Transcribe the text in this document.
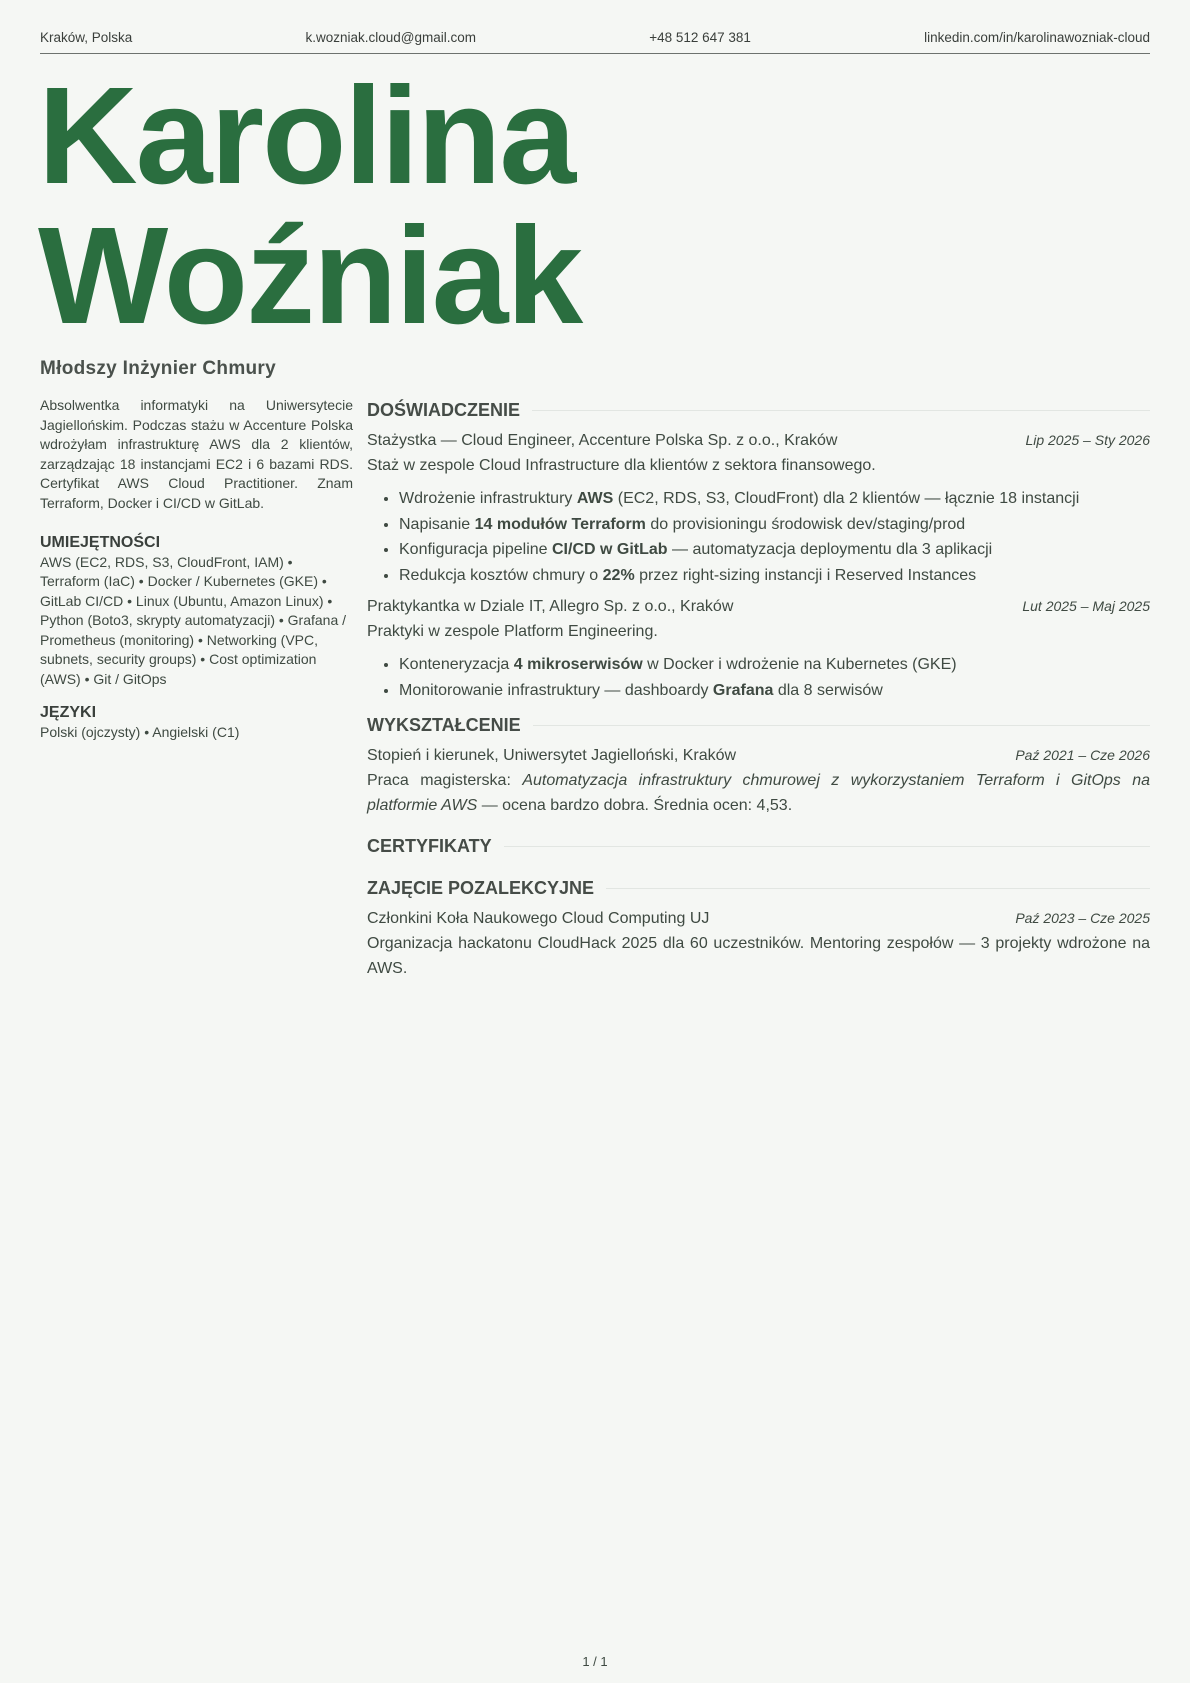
Kraków, Polska	k.wozniak.cloud@gmail.com	+48 512 647 381	linkedin.com/in/karolinawozniak-cloud
Karolina
Woźniak
Młodszy Inżynier Chmury

Absolwentka informatyki na Uniwersytecie Jagiellońskim. Podczas stażu w Accenture Polska wdrożyłam infrastrukturę AWS dla 2 klientów, zarządzając 18 instancjami EC2 i 6 bazami RDS. Certyfikat AWS Cloud Practitioner. Znam Terraform, Docker i CI/CD w GitLab.

UMIEJĘTNOŚCI

AWS (EC2, RDS, S3, CloudFront, IAM) • Terraform (IaC) • Docker / Kubernetes (GKE) • GitLab CI/CD • Linux (Ubuntu, Amazon Linux) • Python (Boto3, skrypty automatyzacji) • Grafana / Prometheus (monitoring) • Networking (VPC, subnets, security groups) • Cost optimization (AWS) • Git / GitOps

JĘZYKI

Polski (ojczysty) • Angielski (C1)

DOŚWIADCZENIE
Stażystka — Cloud Engineer, Accenture Polska Sp. z o.o., Kraków	Lip 2025 – Sty 2026

Staż w zespole Cloud Infrastructure dla klientów z sektora finansowego.

• Wdrożenie infrastruktury AWS (EC2, RDS, S3, CloudFront) dla 2 klientów — łącznie 18 instancji
• Napisanie 14 modułów Terraform do provisioningu środowisk dev/staging/prod
• Konfiguracja pipeline CI/CD w GitLab — automatyzacja deploymentu dla 3 aplikacji
• Redukcja kosztów chmury o 22% przez right-sizing instancji i Reserved Instances
Praktykantka w Dziale IT, Allegro Sp. z o.o., Kraków	Lut 2025 – Maj 2025

Praktyki w zespole Platform Engineering.

• Konteneryzacja 4 mikroserwisów w Docker i wdrożenie na Kubernetes (GKE)
• Monitorowanie infrastruktury — dashboardy Grafana dla 8 serwisów
WYKSZTAŁCENIE
Stopień i kierunek, Uniwersytet Jagielloński, Kraków	Paź 2021 – Cze 2026

Praca magisterska: Automatyzacja infrastruktury chmurowej z wykorzystaniem Terraform i GitOps na platformie AWS — ocena bardzo dobra. Średnia ocen: 4,53.

CERTYFIKATY
ZAJĘCIE POZALEKCYJNE
Członkini Koła Naukowego Cloud Computing UJ	Paź 2023 – Cze 2025

Organizacja hackatonu CloudHack 2025 dla 60 uczestników. Mentoring zespołów — 3 projekty wdrożone na AWS.

1 / 1
